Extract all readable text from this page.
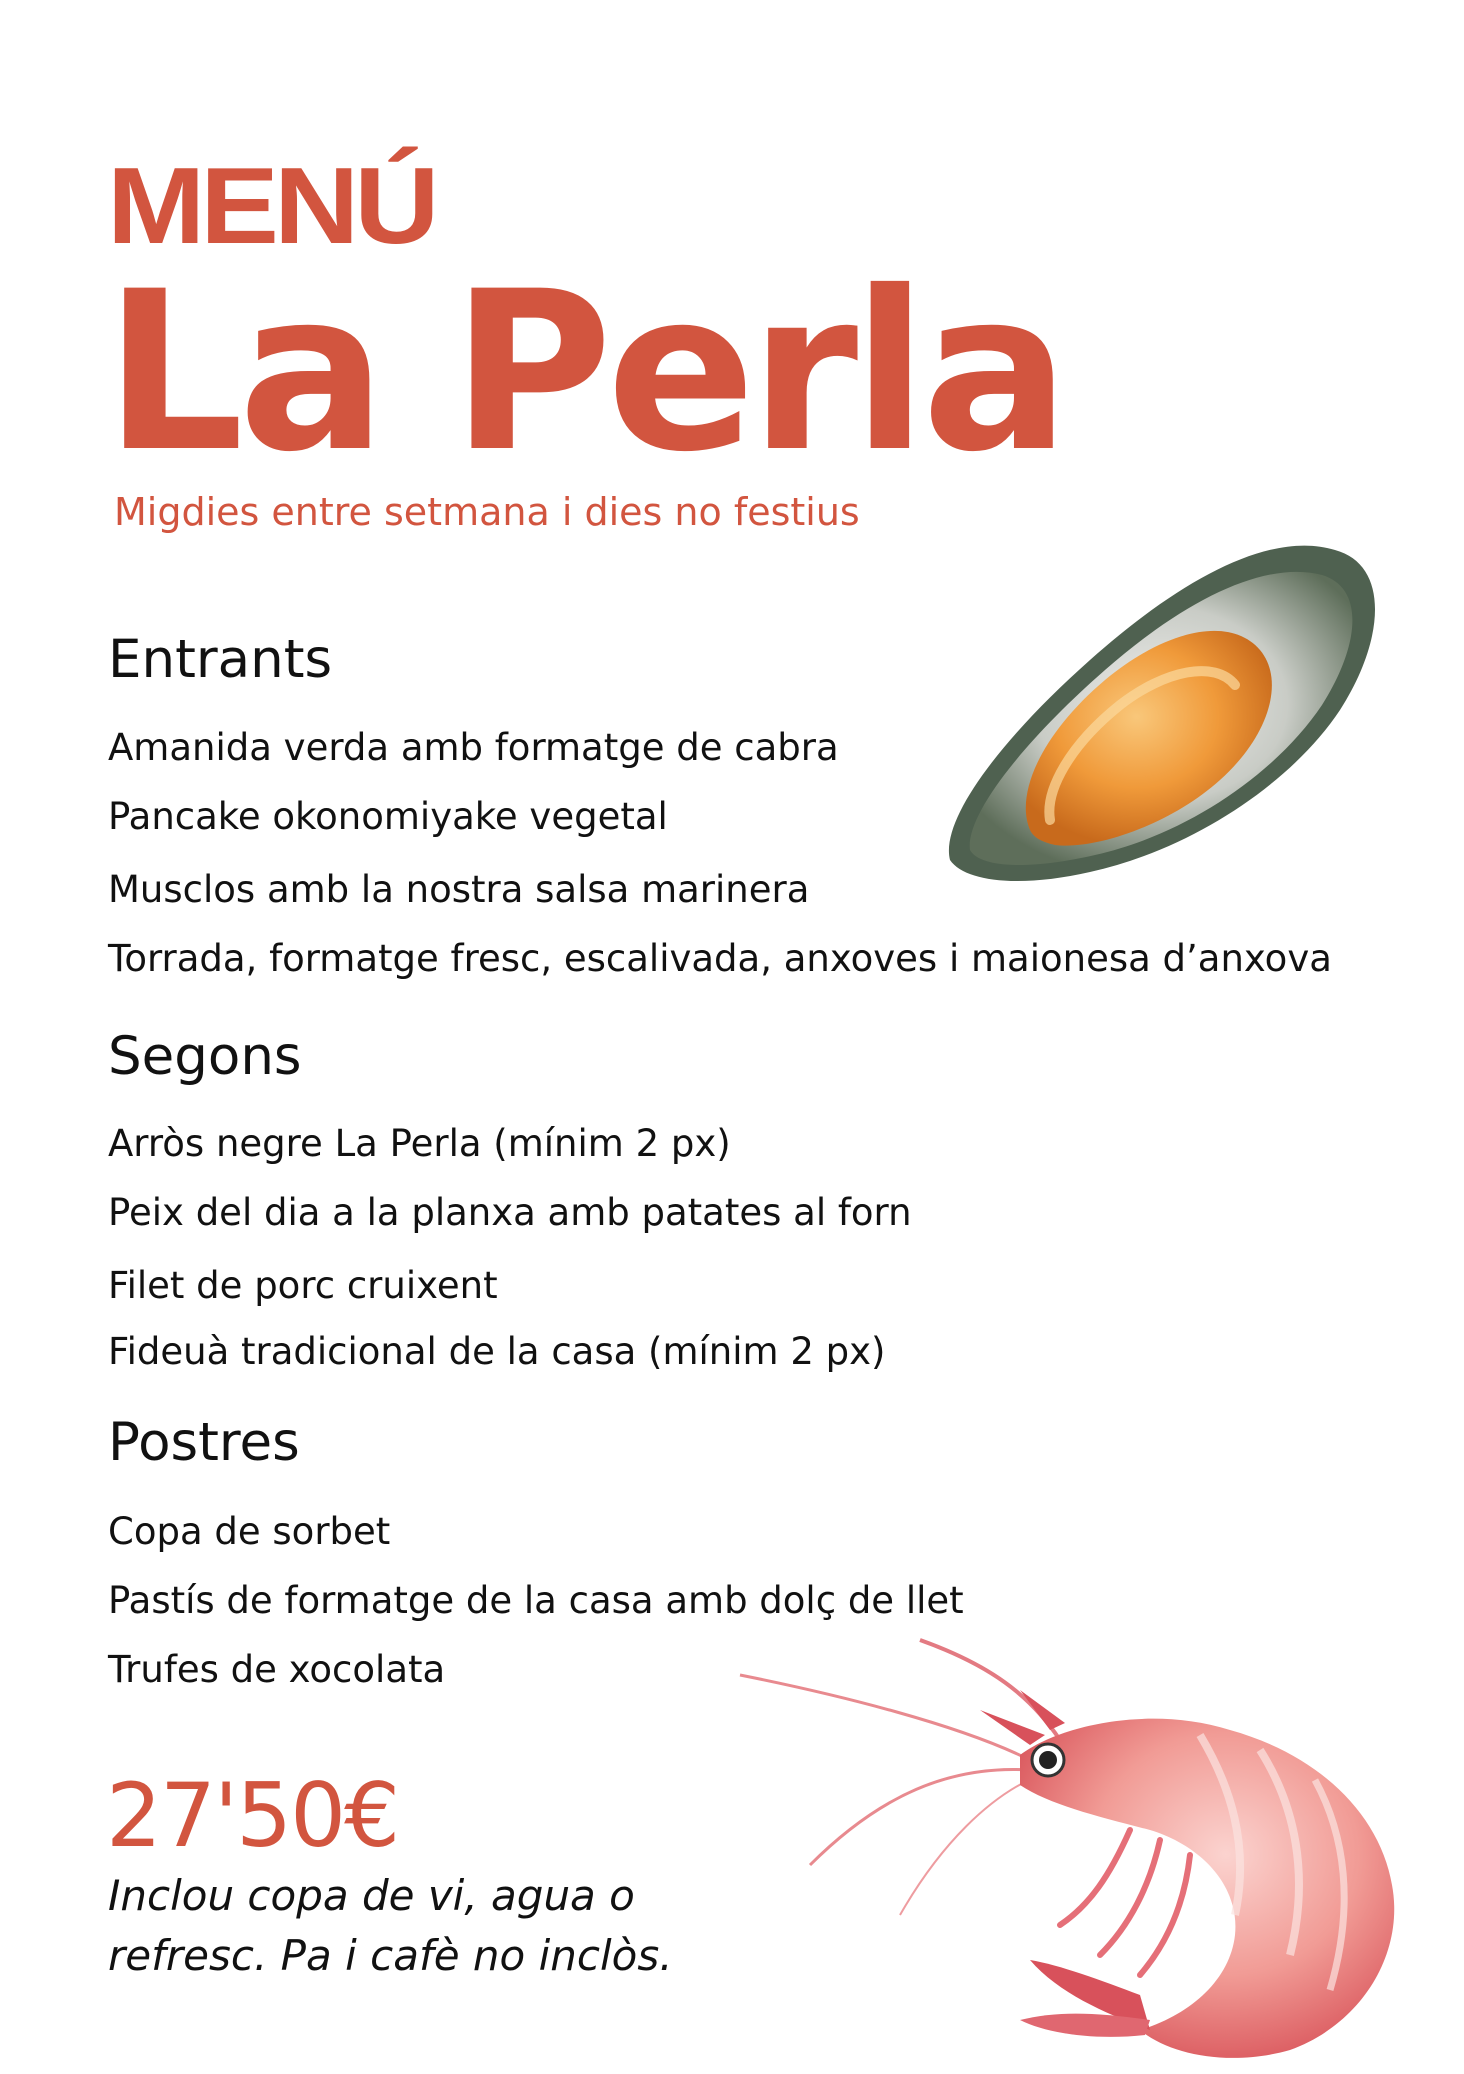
MENÚ
La Perla
Migdies entre setmana i dies no festius
Entrants
Amanida verda amb formatge de cabra
Pancake okonomiyake vegetal
Musclos amb la nostra salsa marinera
Torrada, formatge fresc, escalivada, anxoves i maionesa d’anxova
Segons
Arròs negre La Perla (mínim 2 px)
Peix del dia a la planxa amb patates al forn
Filet de porc cruixent
Fideuà tradicional de la casa (mínim 2 px)
Postres
Copa de sorbet
Pastís de formatge de la casa amb dolç de llet
Trufes de xocolata
27'50€
Inclou copa de vi, agua o
refresc. Pa i cafè no inclòs.
